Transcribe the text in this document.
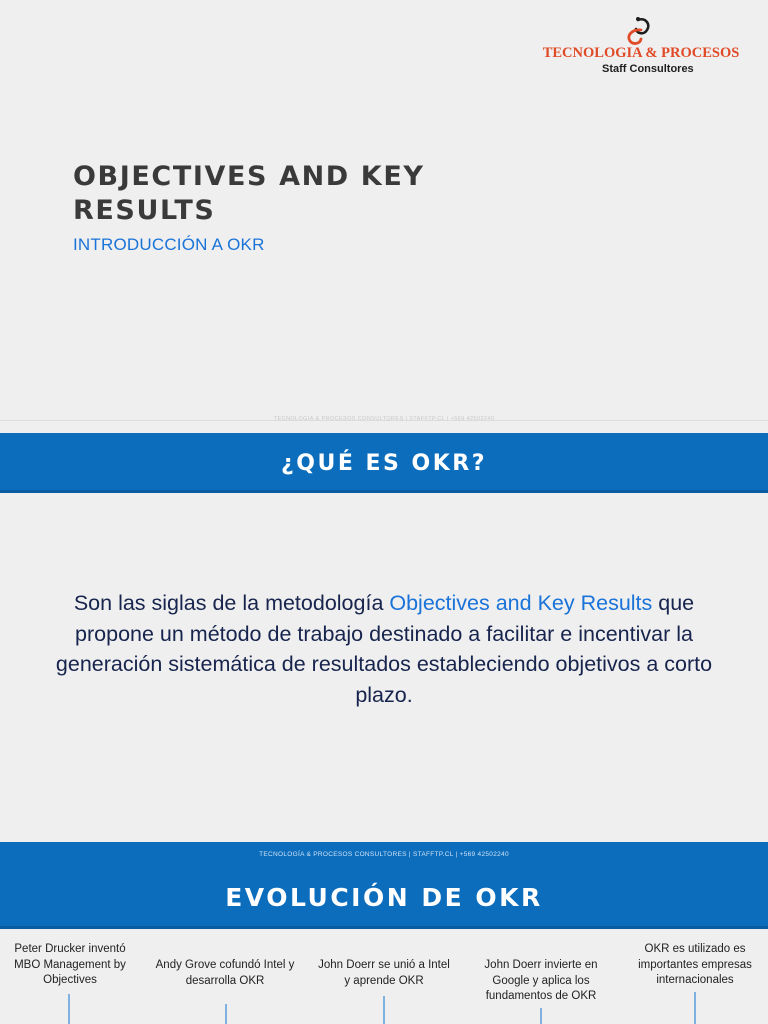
TECNOLOGIA & PROCESOS
Staff Consultores
OBJECTIVES AND KEY RESULTS
INTRODUCCIÓN A OKR
TECNOLOGÍA & PROCESOS CONSULTORES | STAFFTP.CL | +569 42502240
¿QUÉ ES OKR?

Son las siglas de la metodología Objectives and Key Results que propone un método de trabajo destinado a facilitar e incentivar la generación sistemática de resultados estableciendo objetivos a corto plazo.

TECNOLOGÍA & PROCESOS CONSULTORES | STAFFTP.CL | +569 42502240
EVOLUCIÓN DE OKR
Peter Drucker inventó MBO Management by Objectives
Andy Grove cofundó Intel y desarrolla OKR
John Doerr se unió a Intel y aprende OKR
John Doerr invierte en Google y aplica los fundamentos de OKR
OKR es utilizado es importantes empresas internacionales
